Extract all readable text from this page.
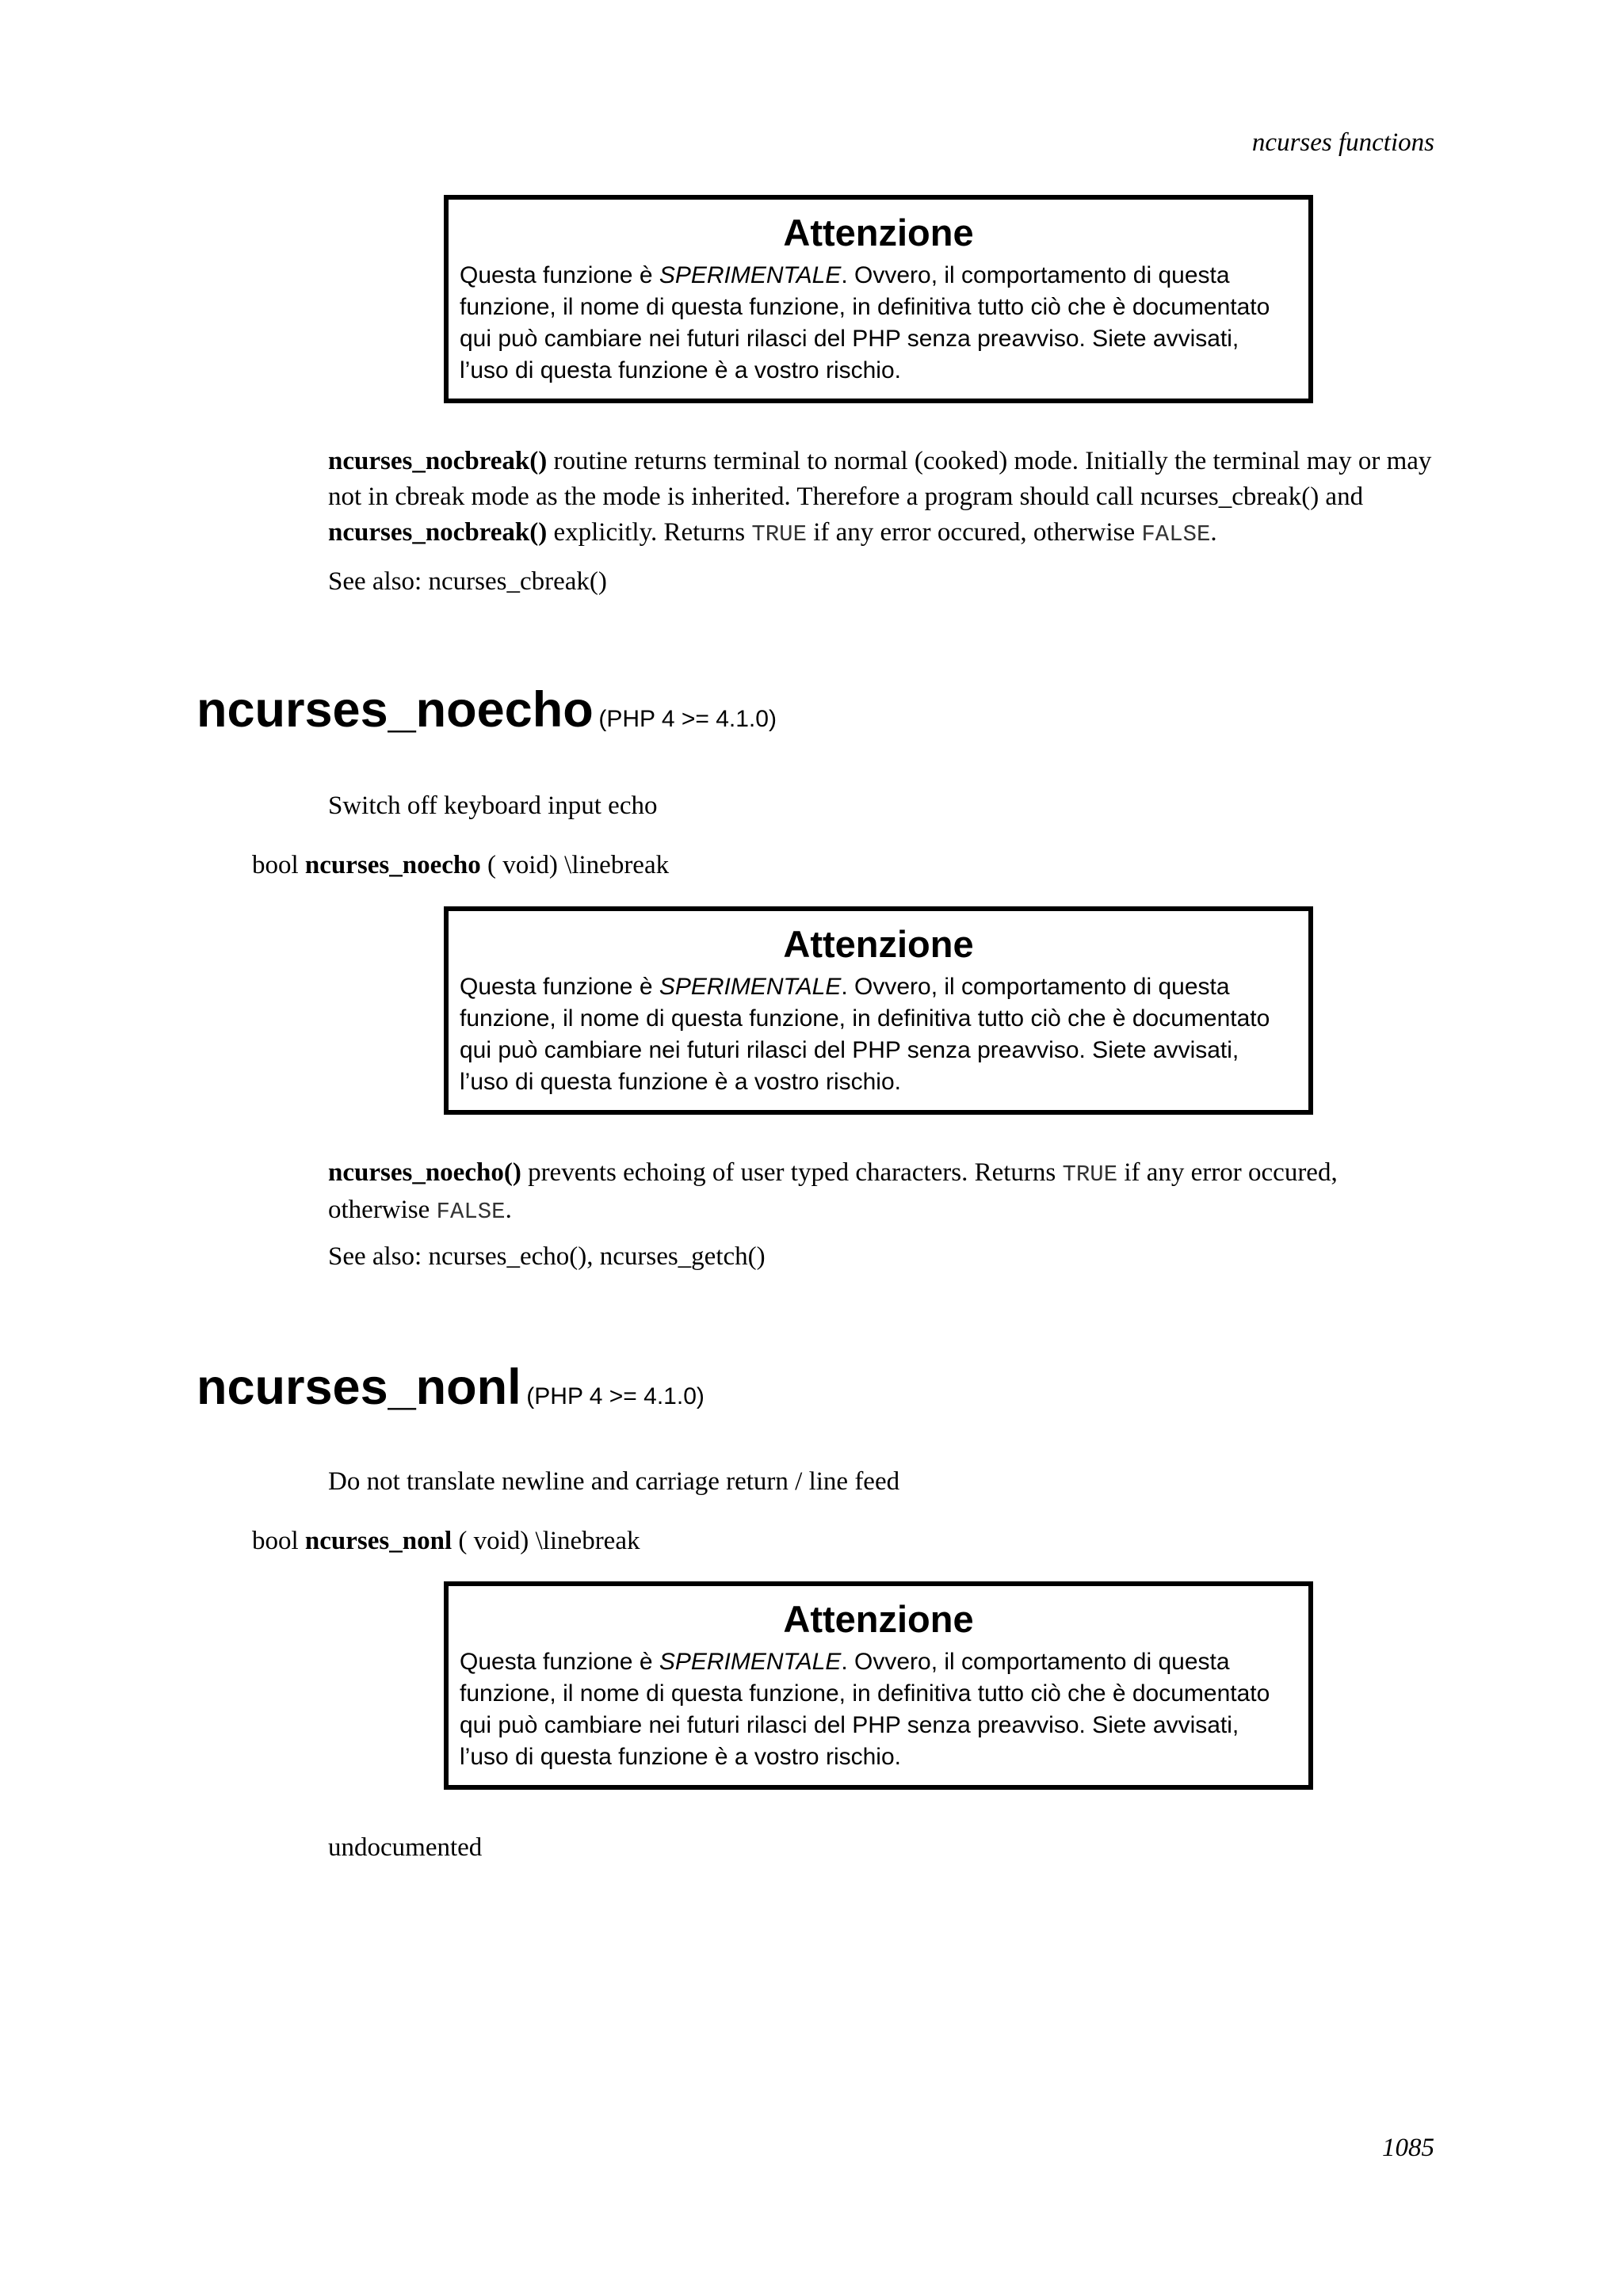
ncurses functions
Attenzione
Questa funzione è SPERIMENTALE. Ovvero, il comportamento di questa
funzione, il nome di questa funzione, in definitiva tutto ciò che è documentato
qui può cambiare nei futuri rilasci del PHP senza preavviso. Siete avvisati,
l’uso di questa funzione è a vostro rischio.

ncurses_nocbreak() routine returns terminal to normal (cooked) mode. Initially the terminal may or may not in cbreak mode as the mode is inherited. Therefore a program should call ncurses_cbreak() and ncurses_nocbreak() explicitly. Returns TRUE if any error occured, otherwise FALSE.

See also: ncurses_cbreak()

ncurses_noecho (PHP 4 >= 4.1.0)

Switch off keyboard input echo

bool ncurses_noecho ( void) \linebreak
Attenzione
Questa funzione è SPERIMENTALE. Ovvero, il comportamento di questa
funzione, il nome di questa funzione, in definitiva tutto ciò che è documentato
qui può cambiare nei futuri rilasci del PHP senza preavviso. Siete avvisati,
l’uso di questa funzione è a vostro rischio.

ncurses_noecho() prevents echoing of user typed characters. Returns TRUE if any error occured, otherwise FALSE.

See also: ncurses_echo(), ncurses_getch()

ncurses_nonl (PHP 4 >= 4.1.0)

Do not translate newline and carriage return / line feed

bool ncurses_nonl ( void) \linebreak
Attenzione
Questa funzione è SPERIMENTALE. Ovvero, il comportamento di questa
funzione, il nome di questa funzione, in definitiva tutto ciò che è documentato
qui può cambiare nei futuri rilasci del PHP senza preavviso. Siete avvisati,
l’uso di questa funzione è a vostro rischio.

undocumented

1085
